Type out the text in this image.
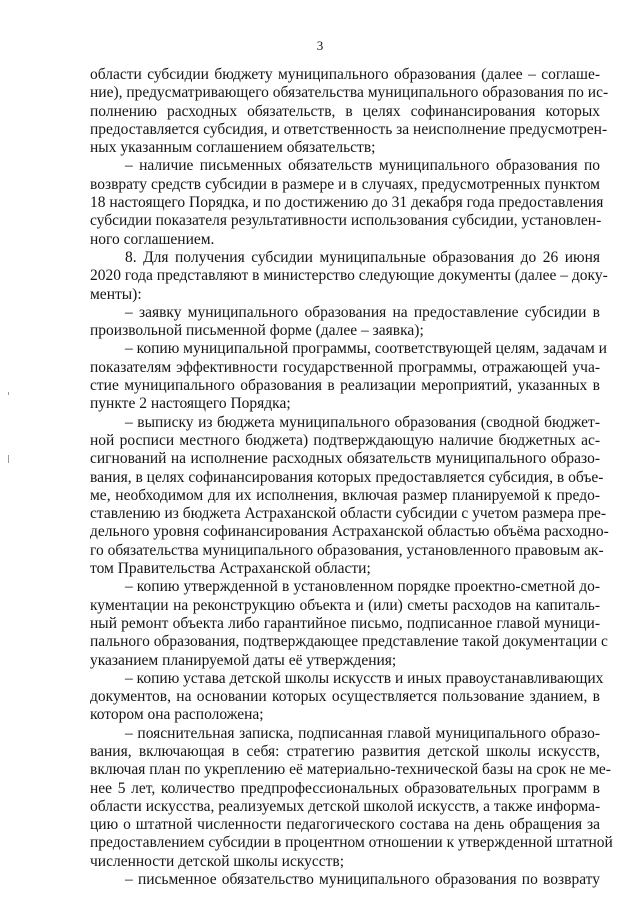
3
области субсидии бюджету муниципального образования (далее – соглаше-
ние), предусматривающего обязательства муниципального образования по ис-
полнению расходных обязательств, в целях софинансирования которых
предоставляется субсидия, и ответственность за неисполнение предусмотрен-
ных указанным соглашением обязательств;
– наличие письменных обязательств муниципального образования по
возврату средств субсидии в размере и в случаях, предусмотренных пунктом
18 настоящего Порядка, и по достижению до 31 декабря года предоставления
субсидии показателя результативности использования субсидии, установлен-
ного соглашением.
8. Для получения субсидии муниципальные образования до 26 июня
2020 года представляют в министерство следующие документы (далее – доку-
менты):
– заявку муниципального образования на предоставление субсидии в
произвольной письменной форме (далее – заявка);
– копию муниципальной программы, соответствующей целям, задачам и
показателям эффективности государственной программы, отражающей уча-
стие муниципального образования в реализации мероприятий, указанных в
пункте 2 настоящего Порядка;
– выписку из бюджета муниципального образования (сводной бюджет-
ной росписи местного бюджета) подтверждающую наличие бюджетных ас-
сигнований на исполнение расходных обязательств муниципального образо-
вания, в целях софинансирования которых предоставляется субсидия, в объе-
ме, необходимом для их исполнения, включая размер планируемой к предо-
ставлению из бюджета Астраханской области субсидии с учетом размера пре-
дельного уровня софинансирования Астраханской областью объёма расходно-
го обязательства муниципального образования, установленного правовым ак-
том Правительства Астраханской области;
– копию утвержденной в установленном порядке проектно-сметной до-
кументации на реконструкцию объекта и (или) сметы расходов на капиталь-
ный ремонт объекта либо гарантийное письмо, подписанное главой муници-
пального образования, подтверждающее представление такой документации с
указанием планируемой даты её утверждения;
– копию устава детской школы искусств и иных правоустанавливающих
документов, на основании которых осуществляется пользование зданием, в
котором она расположена;
– пояснительная записка, подписанная главой муниципального образо-
вания, включающая в себя: стратегию развития детской школы искусств,
включая план по укреплению её материально-технической базы на срок не ме-
нее 5 лет, количество предпрофессиональных образовательных программ в
области искусства, реализуемых детской школой искусств, а также информа-
цию о штатной численности педагогического состава на день обращения за
предоставлением субсидии в процентном отношении к утвержденной штатной
численности детской школы искусств;
– письменное обязательство муниципального образования по возврату
